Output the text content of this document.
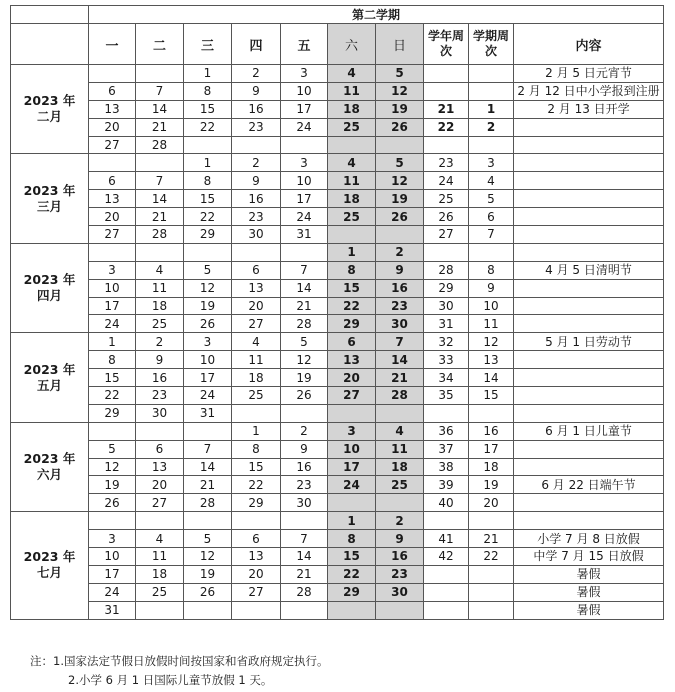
	第二学期									
	一	二	三	四	五	六	日	学年周次	学期周次	内容

2023 年
二月			1	2	3	4	5			2 月 5 日元宵节
	6	7	8	9	10	11	12			2 月 12 日中小学报到注册
	13	14	15	16	17	18	19	21	1	2 月 13 日开学
	20	21	22	23	24	25	26	22	2	
	27	28								

2023 年
三月			1	2	3	4	5	23	3	
	6	7	8	9	10	11	12	24	4	
	13	14	15	16	17	18	19	25	5	
	20	21	22	23	24	25	26	26	6	
	27	28	29	30	31			27	7	

2023 年
四月						1	2			
	3	4	5	6	7	8	9	28	8	4 月 5 日清明节
	10	11	12	13	14	15	16	29	9	
	17	18	19	20	21	22	23	30	10	
	24	25	26	27	28	29	30	31	11	

2023 年
五月	1	2	3	4	5	6	7	32	12	5 月 1 日劳动节
	8	9	10	11	12	13	14	33	13	
	15	16	17	18	19	20	21	34	14	
	22	23	24	25	26	27	28	35	15	
	29	30	31							

2023 年
六月				1	2	3	4	36	16	6 月 1 日儿童节
	5	6	7	8	9	10	11	37	17	
	12	13	14	15	16	17	18	38	18	
	19	20	21	22	23	24	25	39	19	6 月 22 日端午节
	26	27	28	29	30			40	20	

2023 年
七月						1	2			
	3	4	5	6	7	8	9	41	21	小学 7 月 8 日放假
	10	11	12	13	14	15	16	42	22	中学 7 月 15 日放假
	17	18	19	20	21	22	23			暑假
	24	25	26	27	28	29	30			暑假
	31									暑假
注：1.国家法定节假日放假时间按国家和省政府规定执行。
2.小学 6 月 1 日国际儿童节放假 1 天。
